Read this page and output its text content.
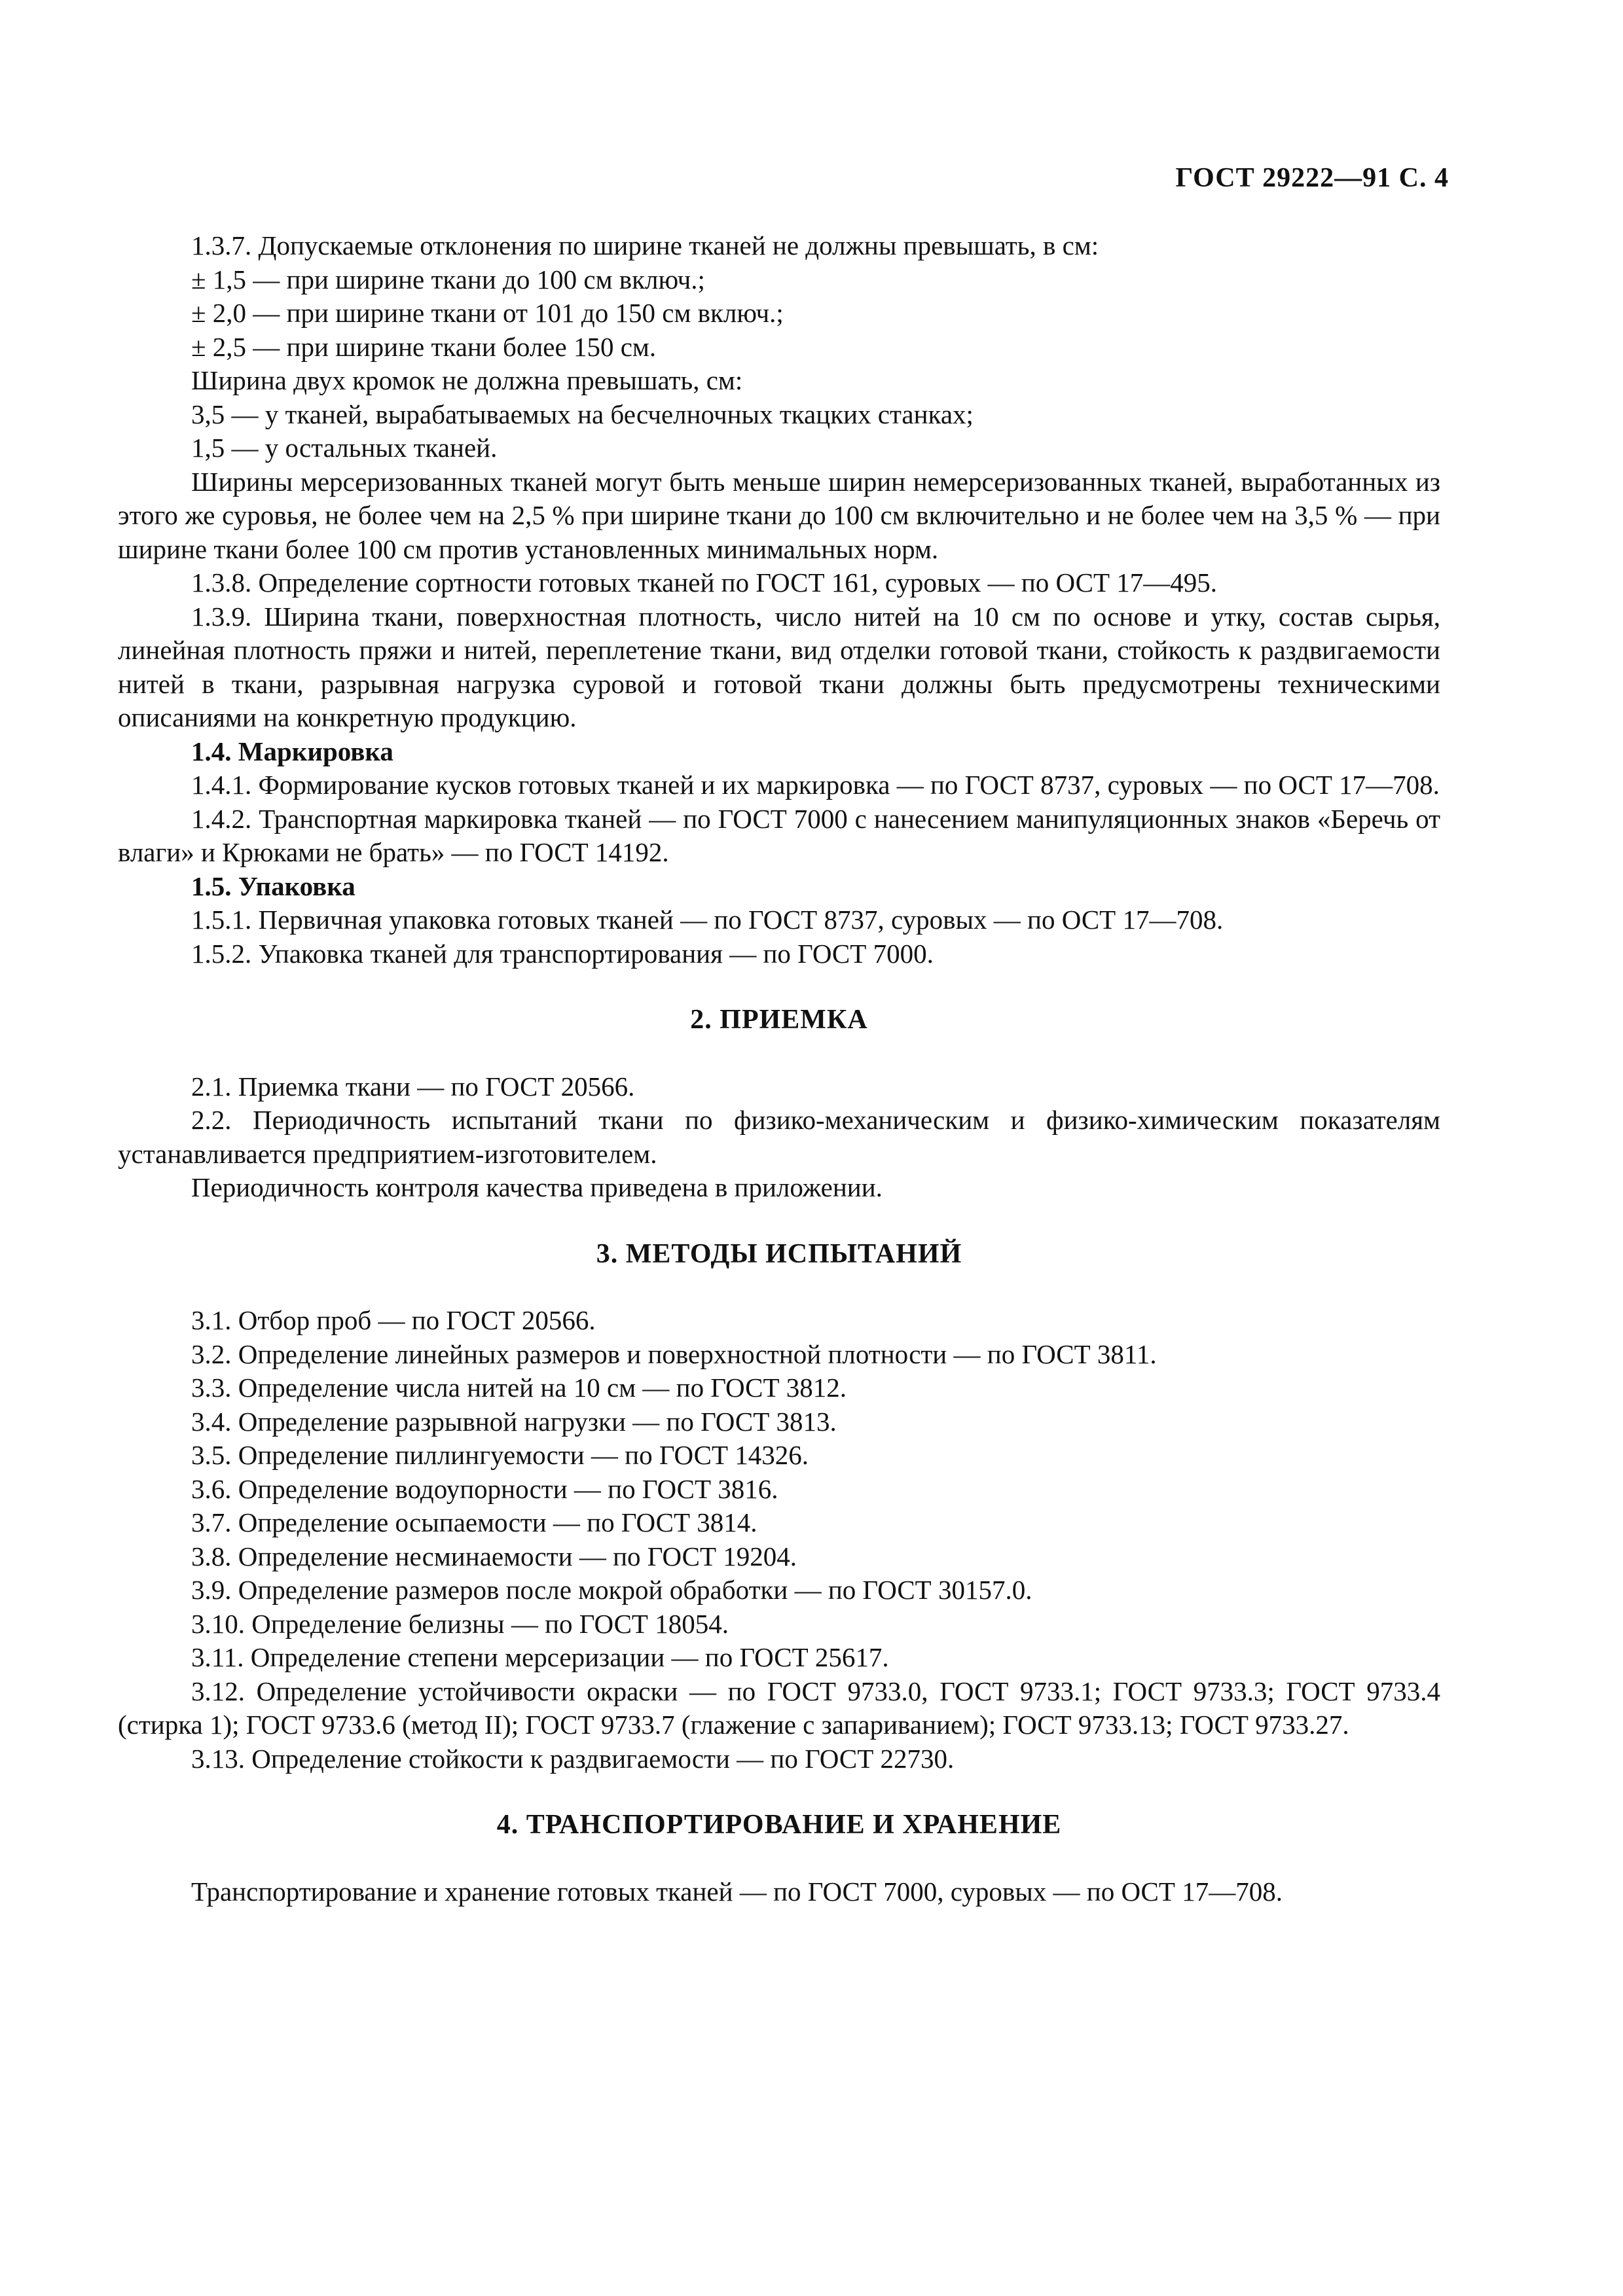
ГОСТ 29222—91 С. 4

1.3.7. Допускаемые отклонения по ширине тканей не должны превышать, в см:

± 1,5 — при ширине ткани до 100 см включ.;

± 2,0 — при ширине ткани от 101 до 150 см включ.;

± 2,5 — при ширине ткани более 150 см.

Ширина двух кромок не должна превышать, см:

3,5 — у тканей, вырабатываемых на бесчелночных ткацких станках;

1,5 — у остальных тканей.

Ширины мерсеризованных тканей могут быть меньше ширин немерсеризованных тканей, выработанных из этого же суровья, не более чем на 2,5 % при ширине ткани до 100 см включительно и не более чем на 3,5 % — при ширине ткани более 100 см против установленных минимальных норм.

1.3.8. Определение сортности готовых тканей по ГОСТ 161, суровых — по ОСТ 17—495.

1.3.9. Ширина ткани, поверхностная плотность, число нитей на 10 см по основе и утку, состав сырья, линейная плотность пряжи и нитей, переплетение ткани, вид отделки готовой ткани, стойкость к раздвигаемости нитей в ткани, разрывная нагрузка суровой и готовой ткани должны быть предусмотрены техническими описаниями на конкретную продукцию.

1.4. Маркировка

1.4.1. Формирование кусков готовых тканей и их маркировка — по ГОСТ 8737, суровых — по ОСТ 17—708.

1.4.2. Транспортная маркировка тканей — по ГОСТ 7000 с нанесением манипуляционных знаков «Беречь от влаги» и Крюками не брать» — по ГОСТ 14192.

1.5. Упаковка

1.5.1. Первичная упаковка готовых тканей — по ГОСТ 8737, суровых — по ОСТ 17—708.

1.5.2. Упаковка тканей для транспортирования — по ГОСТ 7000.

2. ПРИЕМКА

2.1. Приемка ткани — по ГОСТ 20566.

2.2. Периодичность испытаний ткани по физико-механическим и физико-химическим показателям устанавливается предприятием-изготовителем.

Периодичность контроля качества приведена в приложении.

3. МЕТОДЫ ИСПЫТАНИЙ

3.1. Отбор проб — по ГОСТ 20566.

3.2. Определение линейных размеров и поверхностной плотности — по ГОСТ 3811.

3.3. Определение числа нитей на 10 см — по ГОСТ 3812.

3.4. Определение разрывной нагрузки — по ГОСТ 3813.

3.5. Определение пиллингуемости — по ГОСТ 14326.

3.6. Определение водоупорности — по ГОСТ 3816.

3.7. Определение осыпаемости — по ГОСТ 3814.

3.8. Определение несминаемости — по ГОСТ 19204.

3.9. Определение размеров после мокрой обработки — по ГОСТ 30157.0.

3.10. Определение белизны — по ГОСТ 18054.

3.11. Определение степени мерсеризации — по ГОСТ 25617.

3.12. Определение устойчивости окраски — по ГОСТ 9733.0, ГОСТ 9733.1; ГОСТ 9733.3; ГОСТ 9733.4 (стирка 1); ГОСТ 9733.6 (метод II); ГОСТ 9733.7 (глажение с запариванием); ГОСТ 9733.13; ГОСТ 9733.27.

3.13. Определение стойкости к раздвигаемости — по ГОСТ 22730.

4. ТРАНСПОРТИРОВАНИЕ И ХРАНЕНИЕ

Транспортирование и хранение готовых тканей — по ГОСТ 7000, суровых — по ОСТ 17—708.
